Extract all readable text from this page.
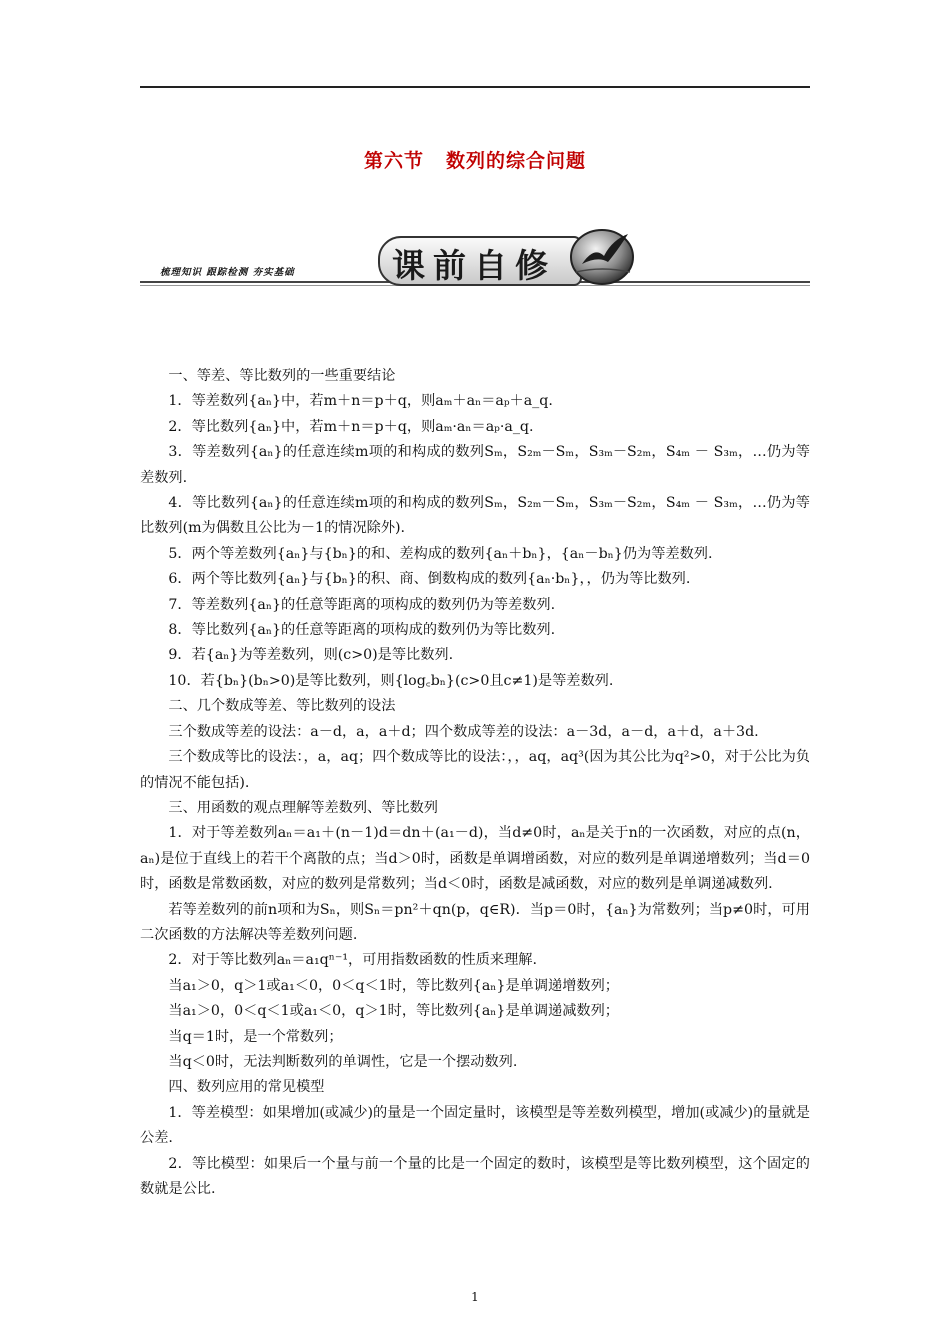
第六节 数列的综合问题
梳理知识 跟踪检测 夯实基础	课前自修

一、等差、等比数列的一些重要结论

1．等差数列{aₙ}中，若m＋n＝p＋q，则aₘ＋aₙ＝aₚ＋a_q.

2．等比数列{aₙ}中，若m＋n＝p＋q，则aₘ·aₙ＝aₚ·a_q.

3．等差数列{aₙ}的任意连续m项的和构成的数列Sₘ，S₂ₘ－Sₘ，S₃ₘ－S₂ₘ，S₄ₘ － S₃ₘ，…仍为等差数列.

4．等比数列{aₙ}的任意连续m项的和构成的数列Sₘ，S₂ₘ－Sₘ，S₃ₘ－S₂ₘ，S₄ₘ － S₃ₘ，…仍为等比数列(m为偶数且公比为－1的情况除外).

5．两个等差数列{aₙ}与{bₙ}的和、差构成的数列{aₙ＋bₙ}，{aₙ－bₙ}仍为等差数列.

6．两个等比数列{aₙ}与{bₙ}的积、商、倒数构成的数列{aₙ·bₙ}，，仍为等比数列.

7．等差数列{aₙ}的任意等距离的项构成的数列仍为等差数列.

8．等比数列{aₙ}的任意等距离的项构成的数列仍为等比数列.

9．若{aₙ}为等差数列，则(c>0)是等比数列.

10．若{bₙ}(bₙ>0)是等比数列，则{log꜀bₙ}(c>0且c≠1)是等差数列.

二、几个数成等差、等比数列的设法

三个数成等差的设法：a－d，a，a＋d；四个数成等差的设法：a－3d，a－d，a＋d，a＋3d.

三个数成等比的设法：，a，aq；四个数成等比的设法：，，aq，aq³(因为其公比为q²>0，对于公比为负的情况不能包括).

三、用函数的观点理解等差数列、等比数列

1．对于等差数列aₙ＝a₁＋(n－1)d＝dn＋(a₁－d)，当d≠0时，aₙ是关于n的一次函数，对应的点(n，aₙ)是位于直线上的若干个离散的点；当d＞0时，函数是单调增函数，对应的数列是单调递增数列；当d＝0时，函数是常数函数，对应的数列是常数列；当d＜0时，函数是减函数，对应的数列是单调递减数列.

若等差数列的前n项和为Sₙ，则Sₙ＝pn²＋qn(p，q∈R)．当p＝0时，{aₙ}为常数列；当p≠0时，可用二次函数的方法解决等差数列问题.

2．对于等比数列aₙ＝a₁qⁿ⁻¹，可用指数函数的性质来理解.

当a₁＞0，q＞1或a₁＜0，0＜q＜1时，等比数列{aₙ}是单调递增数列；

当a₁＞0，0＜q＜1或a₁＜0，q＞1时，等比数列{aₙ}是单调递减数列；

当q＝1时，是一个常数列；

当q＜0时，无法判断数列的单调性，它是一个摆动数列.

四、数列应用的常见模型

1．等差模型：如果增加(或减少)的量是一个固定量时，该模型是等差数列模型，增加(或减少)的量就是公差.

2．等比模型：如果后一个量与前一个量的比是一个固定的数时，该模型是等比数列模型，这个固定的数就是公比.

1
